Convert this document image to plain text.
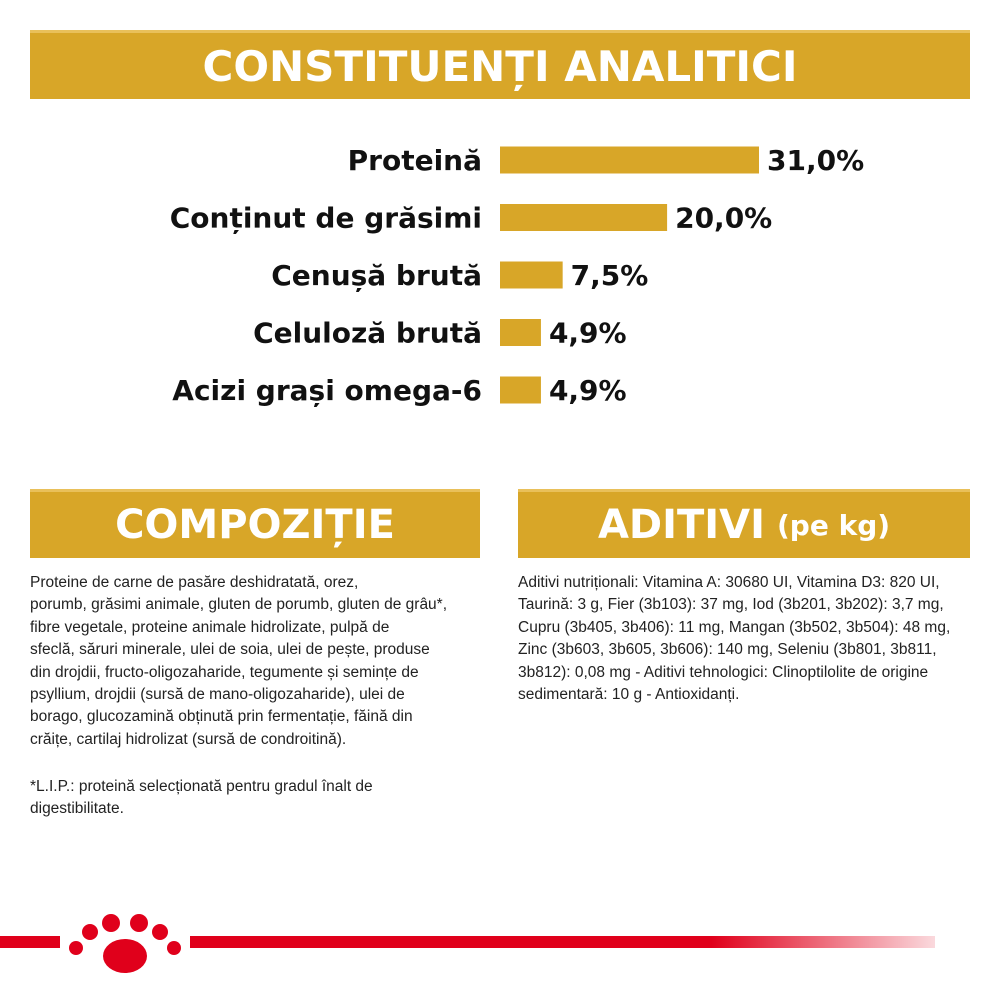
CONSTITUENȚI ANALITICI
Proteină	31,0%
Conținut de grăsimi	20,0%
Cenușă brută	7,5%
Celuloză brută 4,9%
Acizi grași omega-6 4,9%
COMPOZIȚIE
Proteine de carne de pasăre deshidratată, orez,
porumb, grăsimi animale, gluten de porumb, gluten de grâu*,
fibre vegetale, proteine animale hidrolizate, pulpă de
sfeclă, săruri minerale, ulei de soia, ulei de pește, produse
din drojdii, fructo-oligozaharide, tegumente și semințe de
psyllium, drojdii (sursă de mano-oligozaharide), ulei de
borago, glucozamină obținută prin fermentație, făină din
crăițe, cartilaj hidrolizat (sursă de condroitină).
*L.I.P.: proteină selecționată pentru gradul înalt de
digestibilitate.
ADITIVI (pe kg)
Aditivi nutriționali: Vitamina A: 30680 UI, Vitamina D3: 820 UI,
Taurină: 3 g, Fier (3b103): 37 mg, Iod (3b201, 3b202): 3,7 mg,
Cupru (3b405, 3b406): 11 mg, Mangan (3b502, 3b504): 48 mg,
Zinc (3b603, 3b605, 3b606): 140 mg, Seleniu (3b801, 3b811,
3b812): 0,08 mg - Aditivi tehnologici: Clinoptilolite de origine
sedimentară: 10 g - Antioxidanți.
